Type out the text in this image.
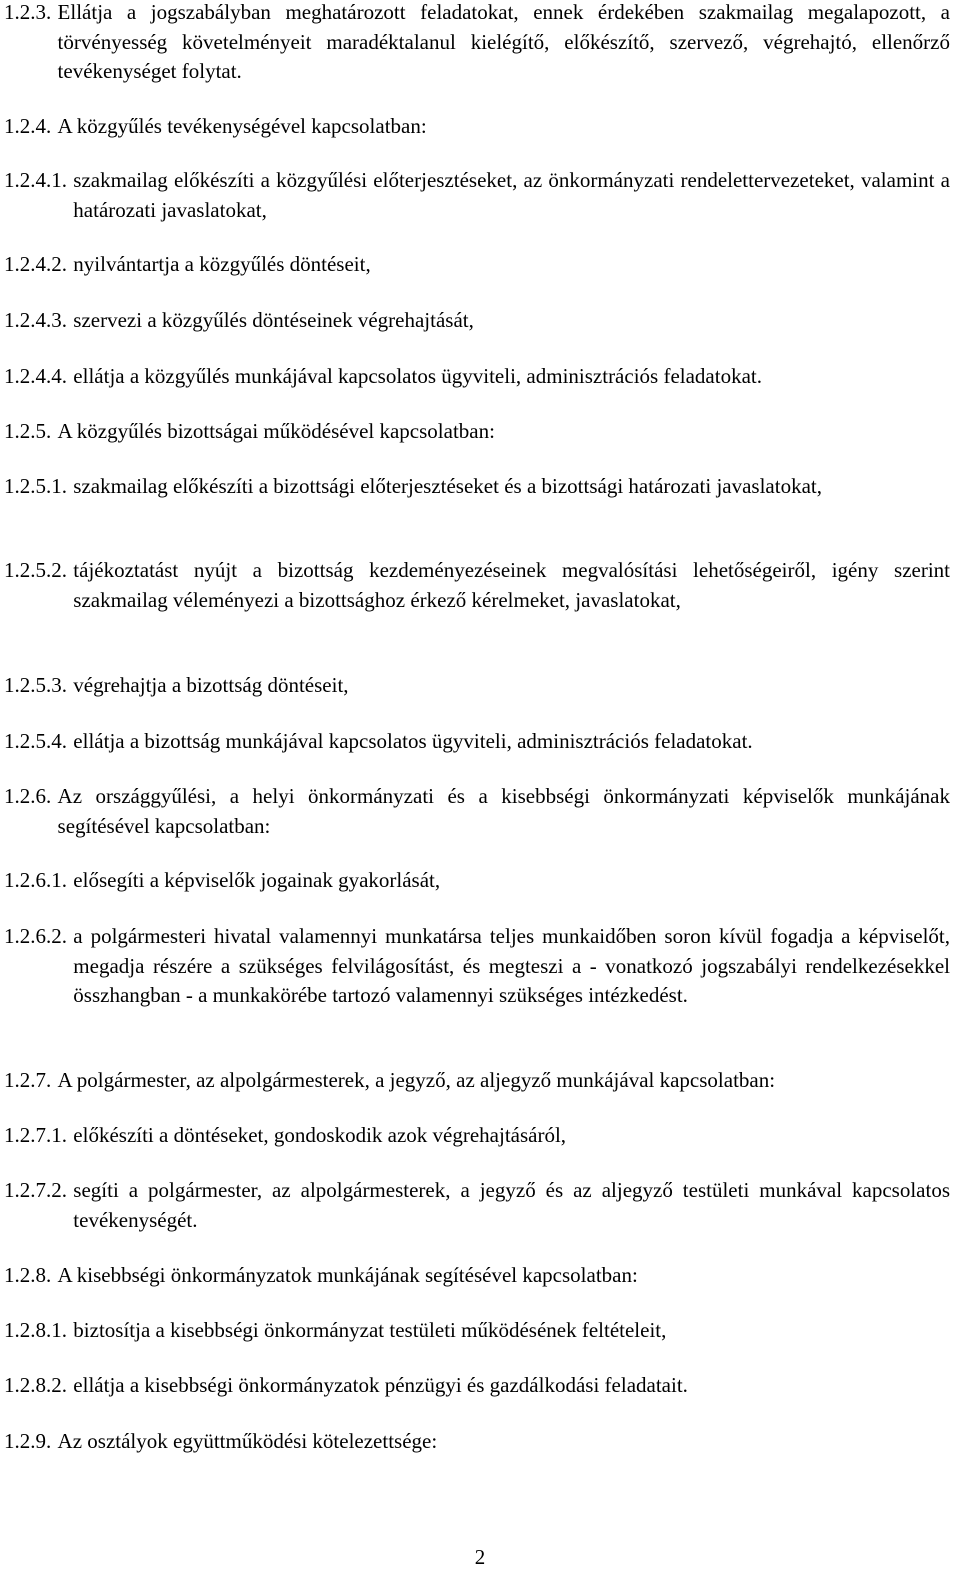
1.2.3. Ellátja a jogszabályban meghatározott feladatokat, ennek érdekében szakmailag megalapozott, a törvényesség követelményeit maradéktalanul kielégítő, előkészítő, szervező, végrehajtó, ellenőrző tevékenységet folytat.
1.2.4. A közgyűlés tevékenységével kapcsolatban:
1.2.4.1. szakmailag előkészíti a közgyűlési előterjesztéseket, az önkormányzati rendelettervezeteket, valamint a határozati javaslatokat,
1.2.4.2. nyilvántartja a közgyűlés döntéseit,
1.2.4.3. szervezi a közgyűlés döntéseinek végrehajtását,
1.2.4.4. ellátja a közgyűlés munkájával kapcsolatos ügyviteli, adminisztrációs feladatokat.
1.2.5. A közgyűlés bizottságai működésével kapcsolatban:
1.2.5.1. szakmailag előkészíti a bizottsági előterjesztéseket és a bizottsági határozati javaslatokat,
1.2.5.2. tájékoztatást nyújt a bizottság kezdeményezéseinek megvalósítási lehetőségeiről, igény szerint szakmailag véleményezi a bizottsághoz érkező kérelmeket, javaslatokat,
1.2.5.3. végrehajtja a bizottság döntéseit,
1.2.5.4. ellátja a bizottság munkájával kapcsolatos ügyviteli, adminisztrációs feladatokat.
1.2.6. Az országgyűlési, a helyi önkormányzati és a kisebbségi önkormányzati képviselők munkájának segítésével kapcsolatban:
1.2.6.1. elősegíti a képviselők jogainak gyakorlását,
1.2.6.2. a polgármesteri hivatal valamennyi munkatársa teljes munkaidőben soron kívül fogadja a képviselőt, megadja részére a szükséges felvilágosítást, és megteszi a - vonatkozó jogszabályi rendelkezésekkel összhangban - a munkakörébe tartozó valamennyi szükséges intézkedést.
1.2.7. A polgármester, az alpolgármesterek, a jegyző, az aljegyző munkájával kapcsolatban:
1.2.7.1. előkészíti a döntéseket, gondoskodik azok végrehajtásáról,
1.2.7.2. segíti a polgármester, az alpolgármesterek, a jegyző és az aljegyző testületi munkával kapcsolatos tevékenységét.
1.2.8. A kisebbségi önkormányzatok munkájának segítésével kapcsolatban:
1.2.8.1. biztosítja a kisebbségi önkormányzat testületi működésének feltételeit,
1.2.8.2. ellátja a kisebbségi önkormányzatok pénzügyi és gazdálkodási feladatait.
1.2.9. Az osztályok együttműködési kötelezettsége:
2
